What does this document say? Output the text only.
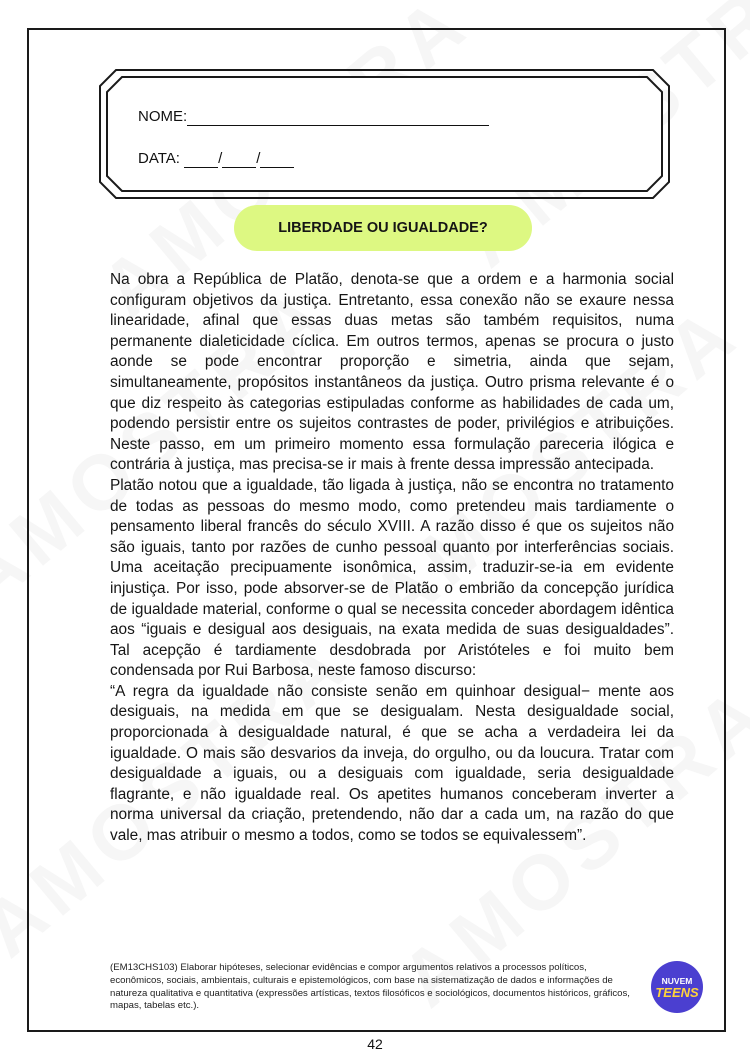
NOME:
DATA:	/ /
LIBERDADE OU IGUALDADE?

Na obra a República de Platão, denota-se que a ordem e a harmonia social configuram objetivos da justiça. Entretanto, essa conexão não se exaure nessa linearidade, afinal que essas duas metas são também requisitos, numa permanente dialeticidade cíclica. Em outros termos, apenas se procura o justo aonde se pode encontrar proporção e simetria, ainda que sejam, simultaneamente, propósitos instantâneos da justiça. Outro prisma relevante é o que diz respeito às categorias estipuladas conforme as habilidades de cada um, podendo persistir entre os sujeitos contrastes de poder, privilégios e atribuições. Neste passo, em um primeiro momento essa formulação pareceria ilógica e contrária à justiça, mas precisa-se ir mais à frente dessa impressão antecipada.

Platão notou que a igualdade, tão ligada à justiça, não se encontra no tratamento de todas as pessoas do mesmo modo, como pretendeu mais tardiamente o pensamento liberal francês do século XVIII. A razão disso é que os sujeitos não são iguais, tanto por razões de cunho pessoal quanto por interferências sociais. Uma aceitação precipuamente isonômica, assim, traduzir-se-ia em evidente injustiça. Por isso, pode absorver-se de Platão o embrião da concepção jurídica de igualdade material, conforme o qual se necessita conceder abordagem idêntica aos “iguais e desigual aos desiguais, na exata medida de suas desigualdades”. Tal acepção é tardiamente desdobrada por Aristóteles e foi muito bem condensada por Rui Barbosa, neste famoso discurso:

“A regra da igualdade não consiste senão em quinhoar desigual− mente aos desiguais, na medida em que se desigualam. Nesta desigualdade social, proporcionada à desigualdade natural, é que se acha a verdadeira lei da igualdade. O mais são desvarios da inveja, do orgulho, ou da loucura. Tratar com desigualdade a iguais, ou a desiguais com igualdade, seria desigualdade flagrante, e não igualdade real. Os apetites humanos conceberam inverter a norma universal da criação, pretendendo, não dar a cada um, na razão do que vale, mas atribuir o mesmo a todos, como se todos se equivalessem”.

(EM13CHS103) Elaborar hipóteses, selecionar evidências e compor argumentos relativos a processos políticos, econômicos, sociais, ambientais, culturais e epistemológicos, com base na sistematização de dados e informações de natureza qualitativa e quantitativa (expressões artísticas, textos filosóficos e sociológicos, documentos históricos, gráficos, mapas, tabelas etc.).
NUVEM
TEENS
42
